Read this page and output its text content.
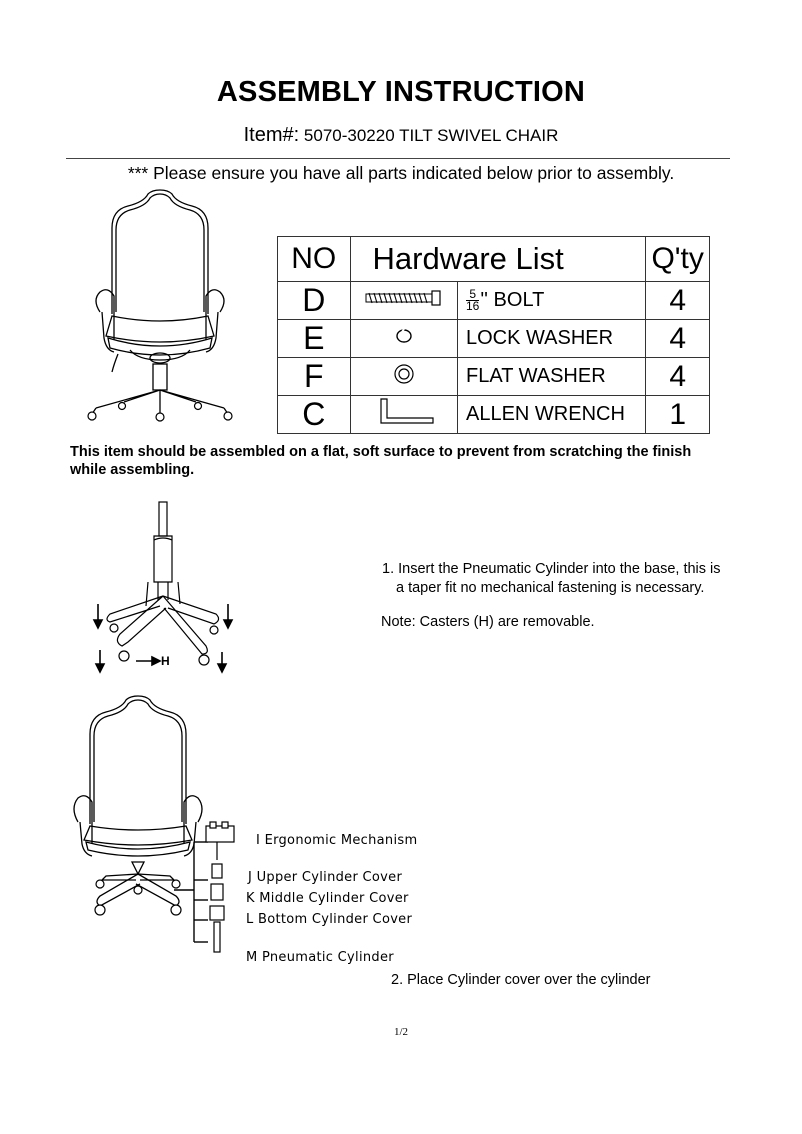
ASSEMBLY INSTRUCTION
Item#: 5070-30220 TILT SWIVEL CHAIR
*** Please ensure you have all parts indicated below prior to assembly.
NO	Hardware List		Q'ty
D		$\frac{5}{16}$ '' BOLT	4
E		LOCK WASHER	4
F		FLAT WASHER	4
C		ALLEN WRENCH	1
This item should be assembled on a flat, soft surface to prevent from scratching the finish while assembling.
H
1. Insert the Pneumatic Cylinder into the base, this is
a taper fit no mechanical fastening is necessary.
Note: Casters (H) are removable.
I Ergonomic Mechanism
J Upper Cylinder Cover
K Middle Cylinder Cover
L Bottom Cylinder Cover
M Pneumatic Cylinder
2. Place Cylinder cover over the cylinder
1/2
